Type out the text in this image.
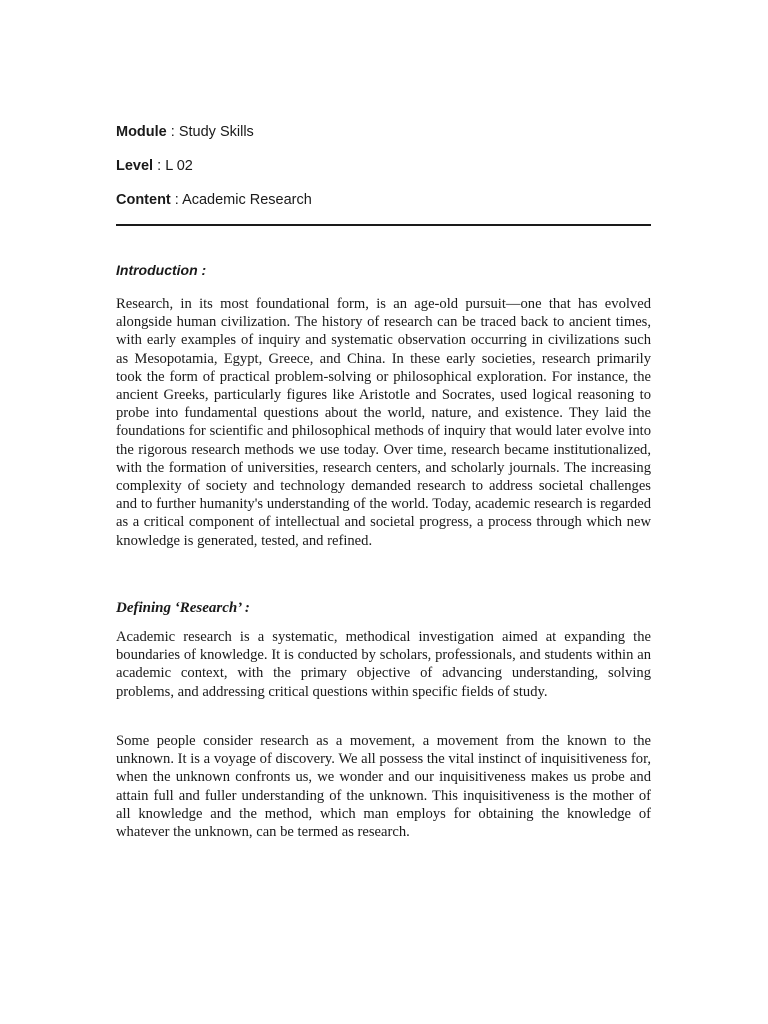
Module : Study Skills
Level : L 02
Content : Academic Research
Introduction :

Research, in its most foundational form, is an age-old pursuit—one that has evolved alongside human civilization. The history of research can be traced back to ancient times, with early examples of inquiry and systematic observation occurring in civilizations such as Mesopotamia, Egypt, Greece, and China. In these early societies, research primarily took the form of practical problem-solving or philosophical exploration. For instance, the ancient Greeks, particularly figures like Aristotle and Socrates, used logical reasoning to probe into fundamental questions about the world, nature, and existence. They laid the foundations for scientific and philosophical methods of inquiry that would later evolve into the rigorous research methods we use today. Over time, research became institutionalized, with the formation of universities, research centers, and scholarly journals. The increasing complexity of society and technology demanded research to address societal challenges and to further humanity's understanding of the world. Today, academic research is regarded as a critical component of intellectual and societal progress, a process through which new knowledge is generated, tested, and refined.

Defining ‘Research’ :

Academic research is a systematic, methodical investigation aimed at expanding the boundaries of knowledge. It is conducted by scholars, professionals, and students within an academic context, with the primary objective of advancing understanding, solving problems, and addressing critical questions within specific fields of study.

Some people consider research as a movement, a movement from the known to the unknown. It is a voyage of discovery. We all possess the vital instinct of inquisitiveness for, when the unknown confronts us, we wonder and our inquisitiveness makes us probe and attain full and fuller understanding of the unknown. This inquisitiveness is the mother of all knowledge and the method, which man employs for obtaining the knowledge of whatever the unknown, can be termed as research.
